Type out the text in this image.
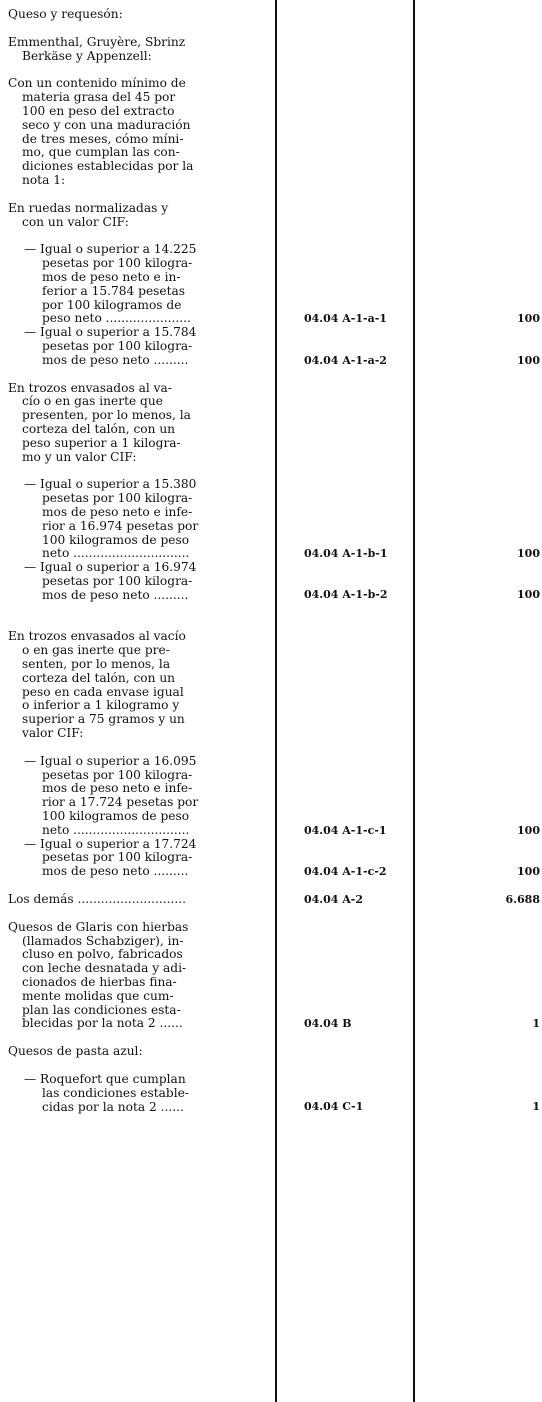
Queso y requesón:
Emmenthal, Gruyère, Sbrinz
Berkäse y Appenzell:
Con un contenido mínimo de
materia grasa del 45 por
100 en peso del extracto
seco y con una maduración
de tres meses, cómo míni-
mo, que cumplan las con-
diciones establecidas por la
nota 1:
En ruedas normalizadas y
con un valor CIF:
— Igual o superior a 14.225
pesetas por 100 kilogra-
mos de peso neto e in-
ferior a 15.784 pesetas
por 100 kilogramos de
peso neto ......................	04.04 A-1-a-1	100
— Igual o superior a 15.784
pesetas por 100 kilogra-
mos de peso neto .........	04.04 A-1-a-2	100
En trozos envasados al va-
cío o en gas inerte que
presenten, por lo menos, la
corteza del talón, con un
peso superior a 1 kilogra-
mo y un valor CIF:
— Igual o superior a 15.380
pesetas por 100 kilogra-
mos de peso neto e infe-
rior a 16.974 pesetas por
100 kilogramos de peso
neto ..............................	04.04 A-1-b-1	100
— Igual o superior a 16.974
pesetas por 100 kilogra-
mos de peso neto .........	04.04 A-1-b-2	100
En trozos envasados al vacío
o en gas inerte que pre-
senten, por lo menos, la
corteza del talón, con un
peso en cada envase igual
o inferior a 1 kilogramo y
superior a 75 gramos y un
valor CIF:
— Igual o superior a 16.095
pesetas por 100 kilogra-
mos de peso neto e infe-
rior a 17.724 pesetas por
100 kilogramos de peso
neto ..............................	04.04 A-1-c-1	100
— Igual o superior a 17.724
pesetas por 100 kilogra-
mos de peso neto .........	04.04 A-1-c-2	100
Los demás ............................	04.04 A-2	6.688
Quesos de Glaris con hierbas
(llamados Schabziger), in-
cluso en polvo, fabricados
con leche desnatada y adi-
cionados de hierbas fina-
mente molidas que cum-
plan las condiciones esta-
blecidas por la nota 2 ......	04.04 B	1
Quesos de pasta azul:
— Roquefort que cumplan
las condiciones estable-
cidas por la nota 2 ......	04.04 C-1	1
